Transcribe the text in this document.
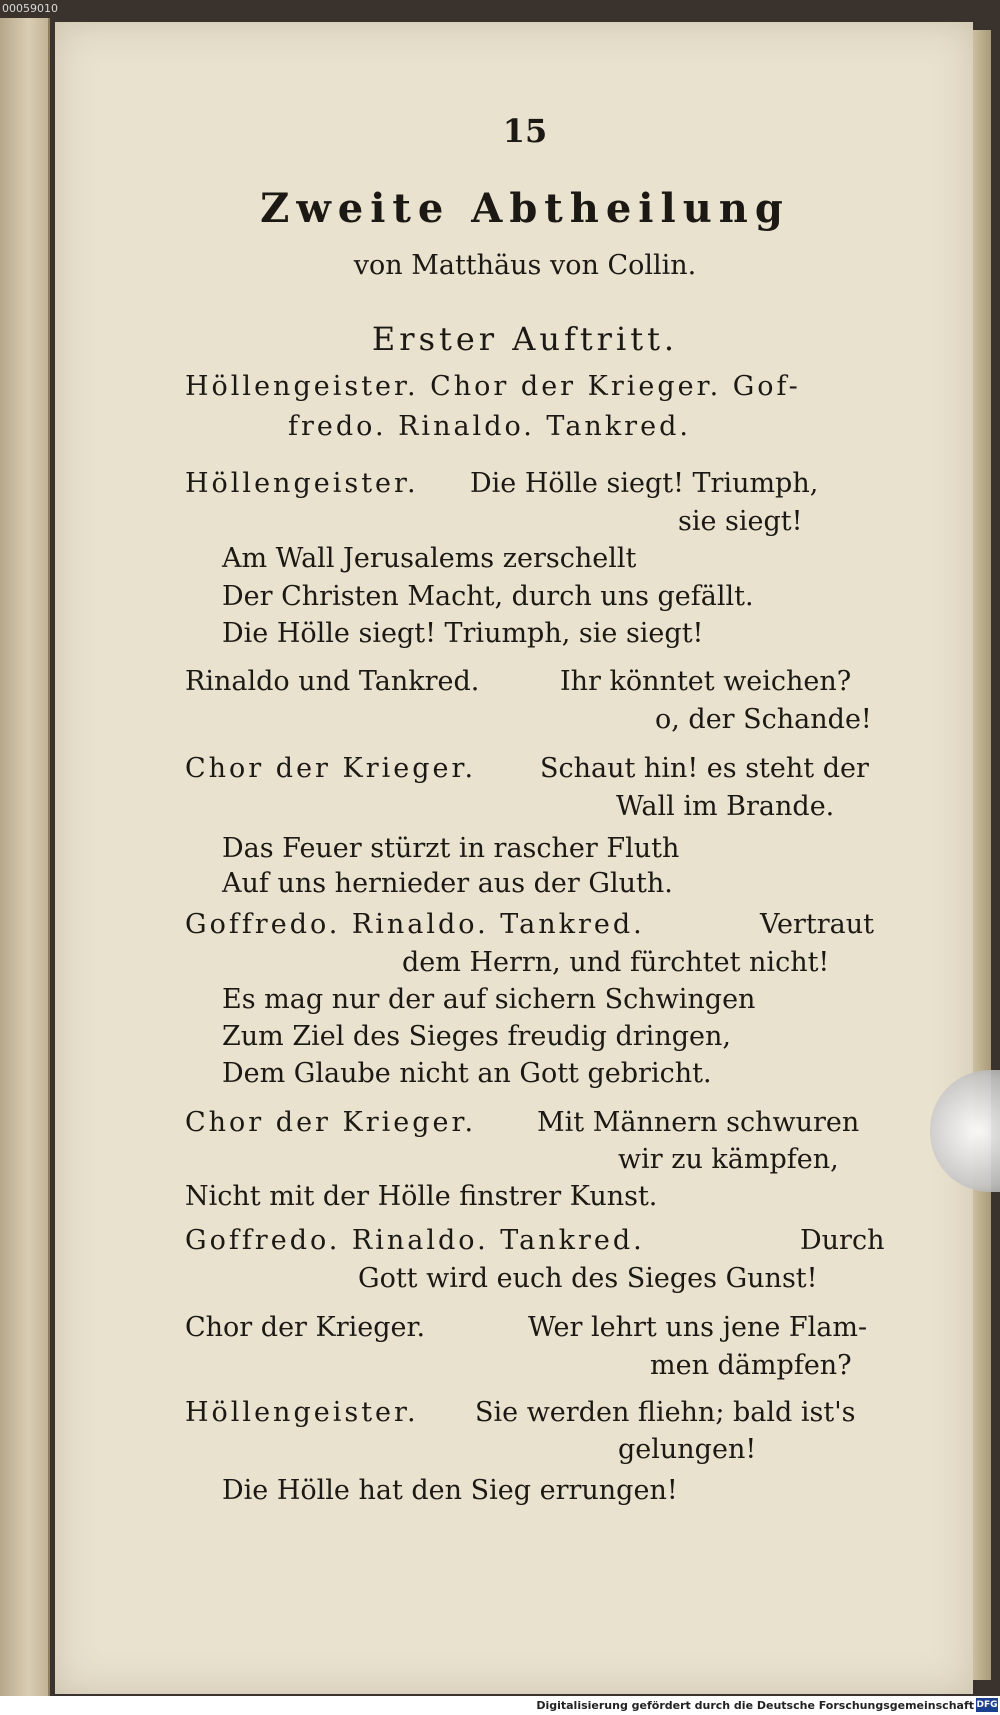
00059010
15
Zweite Abtheilung
von Matthäus von Collin.
Erster Auftritt.
Höllengeister. Chor der Krieger. Gof-
fredo. Rinaldo. Tankred.
Höllengeister. Die Hölle siegt! Triumph,
sie siegt!
Am Wall Jerusalems zerschellt
Der Christen Macht, durch uns gefällt.
Die Hölle siegt! Triumph, sie siegt!
Rinaldo und Tankred.	Ihr könntet weichen?
o, der Schande!
Chor der Krieger. Schaut hin! es steht der
Wall im Brande.
Das Feuer stürzt in rascher Fluth
Auf uns hernieder aus der Gluth.
Goffredo. Rinaldo. Tankred.	Vertraut
dem Herrn, und fürchtet nicht!
Es mag nur der auf sichern Schwingen
Zum Ziel des Sieges freudig dringen,
Dem Glaube nicht an Gott gebricht.
Chor der Krieger. Mit Männern schwuren
wir zu kämpfen,
Nicht mit der Hölle finstrer Kunst.
Goffredo. Rinaldo. Tankred.	Durch
Gott wird euch des Sieges Gunst!
Chor der Krieger.	Wer lehrt uns jene Flam-
men dämpfen?
Höllengeister. Sie werden fliehn; bald ist's
gelungen!
Die Hölle hat den Sieg errungen!
Digitalisierung gefördert durch die Deutsche Forschungsgemeinschaft DFG
